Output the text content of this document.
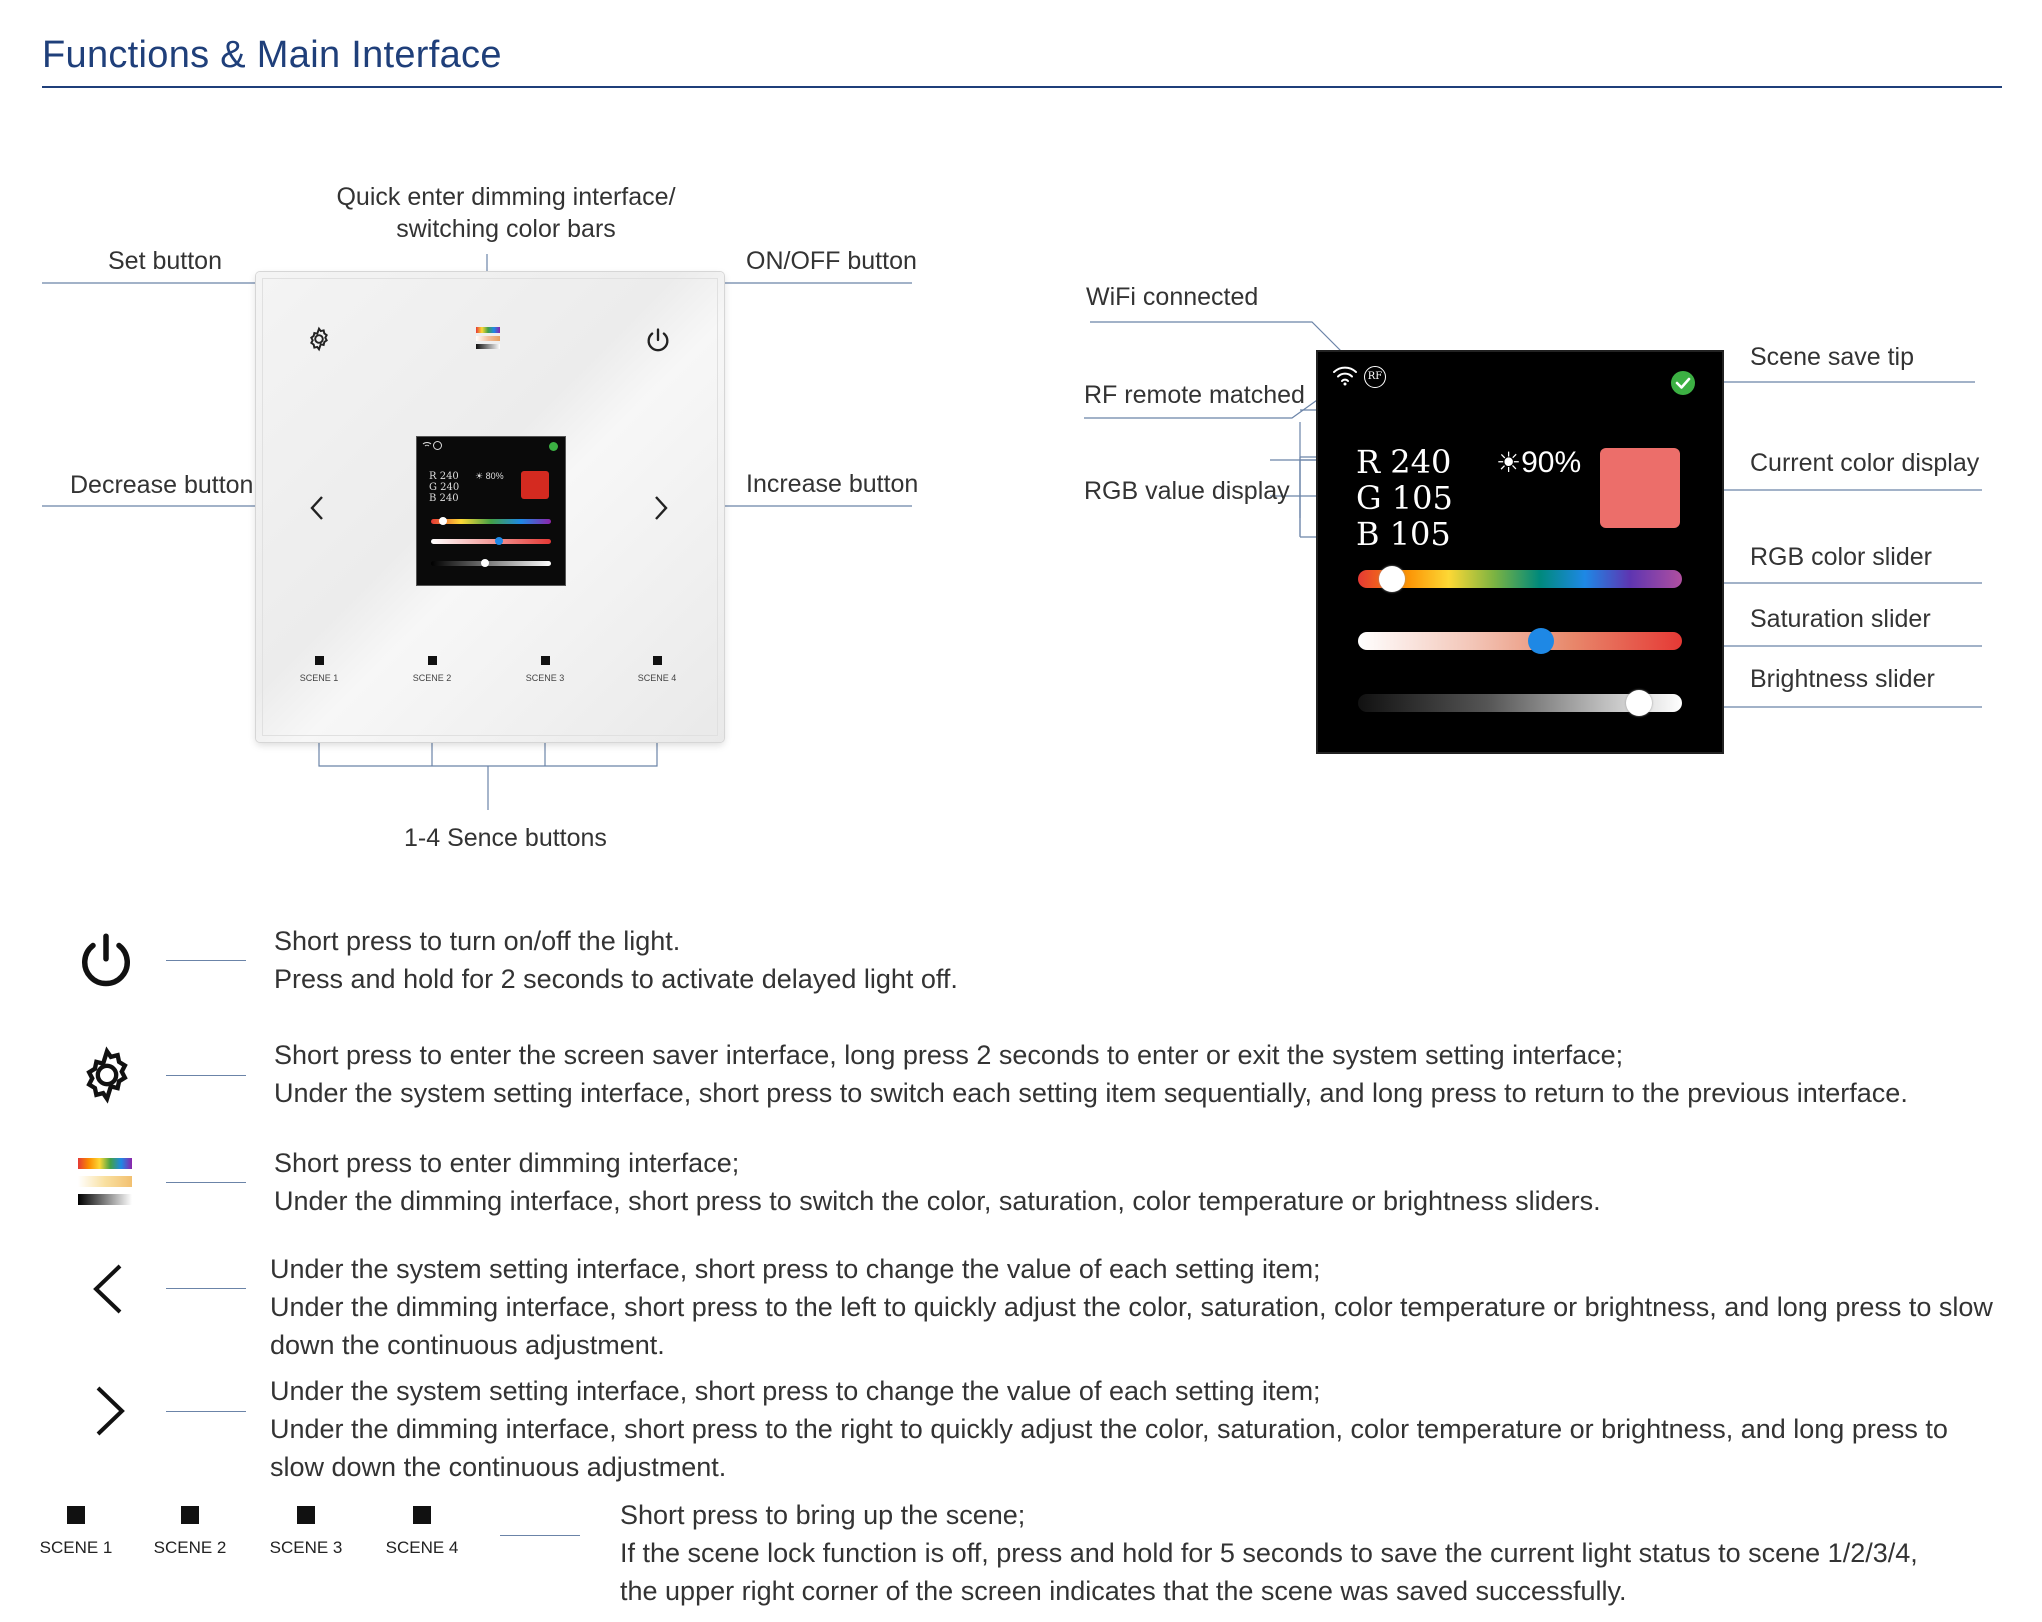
Functions & Main Interface
R 240
G 240
B 240
☀ 80%
SCENE 1	SCENE 2	SCENE 3	SCENE 4
Set button
Quick enter dimming interface/
switching color bars
ON/OFF button
Decrease button	Increase button
1-4 Sence buttons
RF
R 240
G 105
B 105
☀90%
WiFi connected
RF remote matched
RGB value display
Scene save tip
Current color display
RGB color slider
Saturation slider
Brightness slider
Short press to turn on/off the light.
Press and hold for 2 seconds to activate delayed light off.
Short press to enter the screen saver interface, long press 2 seconds to enter or exit the system setting interface;
Under the system setting interface, short press to switch each setting item sequentially, and long press to return to the previous interface.
Short press to enter dimming interface;
Under the dimming interface, short press to switch the color, saturation, color temperature or brightness sliders.
Under the system setting interface, short press to change the value of each setting item;
Under the dimming interface, short press to the left to quickly adjust the color, saturation, color temperature or brightness, and long press to slow
down the continuous adjustment.
Under the system setting interface, short press to change the value of each setting item;
Under the dimming interface, short press to the right to quickly adjust the color, saturation, color temperature or brightness, and long press to
slow down the continuous adjustment.
SCENE 1 SCENE 2	SCENE 3	SCENE 4
Short press to bring up the scene;
If the scene lock function is off, press and hold for 5 seconds to save the current light status to scene 1/2/3/4,
the upper right corner of the screen indicates that the scene was saved successfully.
